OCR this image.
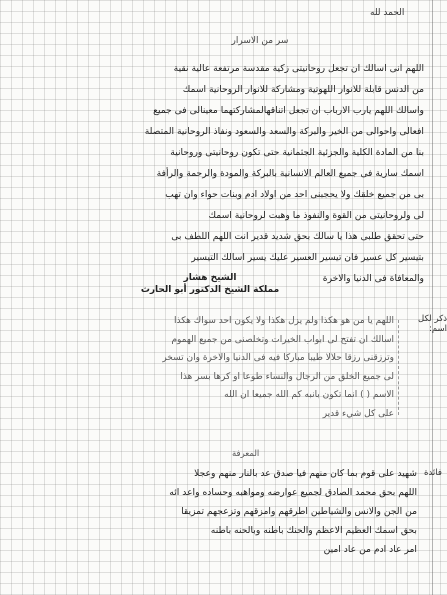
الحمد لله
سر من الاسرار
اللهم انى اسالك ان تجعل روحانيتى زكية مقدسة مرتفعة عالية نقية
من الدنس قابلة للانوار اللهوتية ومشاركة للانوار الروحانية اسمك
واسالك اللهم يارب الارباب ان تجعل اتناقهالمشاركتهما معينالى فى جميع
افعالى واحوالى من الخير والبركة والسعد والسعود ونفاذ الروحانية المتصلة
بنا من المادة الكلية والجزئية الجثمانية حتى تكون روحانيتى وروحانية
اسمك سارية فى جميع العالم الانسانية بالبركة والمودة والرحمة والرأفة
بى من جميع خلقك ولا يحجبنى احد من اولاد ادم وبنات حواء وان تهب
لى ولروحانيتى من القوة والنفوذ ما وهبت لروحانية اسمك
حتى تحقق طلبى هذا يا سالك بحق شديد قدير انت اللهم اللطف بى
بتيسير كل عسير فان تيسير العسير عليك يسير اسالك التيسير
والمعافاة فى الدنيا والاخرة
الشيخ هشار
مملكة الشيخ الدكتور أبو الحارث
ذكر لكل اسم:
اللهم يا من هو هكذا ولم يزل هكذا ولا يكون احد سواك هكذا
اسالك ان تفتح لى ابواب الخيرات وتخلصنى من جميع الهموم
وترزقنى رزقا حلالا طيبا مباركا فيه فى الدنيا والاخرة وان تسخر
لى جميع الخلق من الرجال والنساء طوعا او كرها بسر هذا
الاسم ( ) انما تكون بانبه كم الله جميعا ان الله
على كل شيء قدير
المعرفة
فائدة
شهيد على قوم بما كان منهم فيا صدق عد بالنار منهم وعجلا
اللهم بحق محمد الصادق لجميع عوارضه ومواهبه وحساده واعد ائه
من الجن والانس والشياطين اطرقهم وامزقهم وتزعجهم تمزيقا
بحق اسمك العظيم الاعظم والحنك باطنه وبالحنه باطنه
امر عاد ادم من عاد امين
